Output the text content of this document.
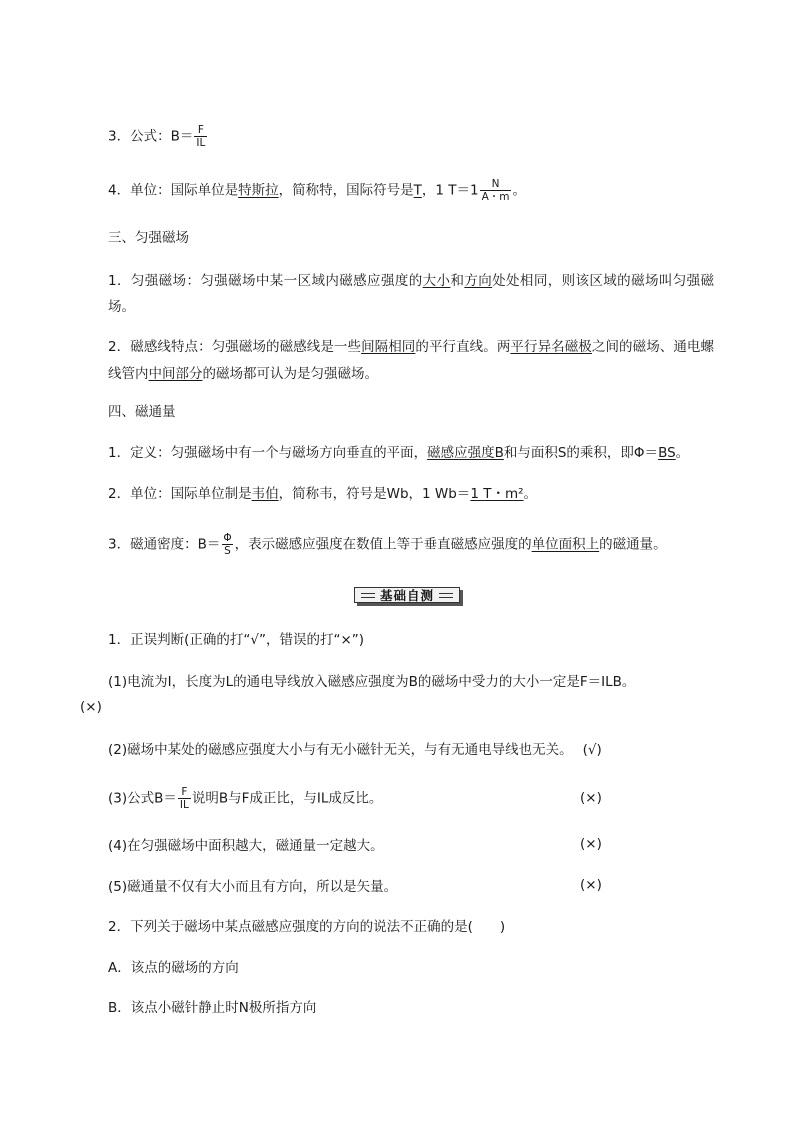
3．公式：$B= \frac{F}{IL}$
4．单位：国际单位是特斯拉，简称特，国际符号是T，1 $T=1 \frac{N}{A・m}$ 。
三、匀强磁场
1．匀强磁场：匀强磁场中某一区域内磁感应强度的大小和方向处处相同，则该区域的磁场叫匀强磁场。
2．磁感线特点：匀强磁场的磁感线是一些间隔相同的平行直线。两平行异名磁极之间的磁场、通电螺线管内中间部分的磁场都可认为是匀强磁场。
四、磁通量
1．定义：匀强磁场中有一个与磁场方向垂直的平面，磁感应强度B和与面积S的乘积，即Φ＝BS。
2．单位：国际单位制是韦伯，简称韦，符号是Wb，1 Wb＝1 T・m²。
3．磁通密度：$B= \frac{\Phi}{S}$ ，表示磁感应强度在数值上等于垂直磁感应强度的单位面积上的磁通量。
基础自测
1．正误判断(正确的打“√”，错误的打“×”)
(1)电流为I，长度为L的通电导线放入磁感应强度为B的磁场中受力的大小一定是F＝ILB。
(×)
(2)磁场中某处的磁感应强度大小与有无小磁针无关，与有无通电导线也无关。 (√)
(3)公式$B= \frac{F}{IL}$ 说明B与F成正比，与IL成反比。	(×)
(4)在匀强磁场中面积越大，磁通量一定越大。	(×)
(5)磁通量不仅有大小而且有方向，所以是矢量。	(×)
2．下列关于磁场中某点磁感应强度的方向的说法不正确的是(　　)
A．该点的磁场的方向
B．该点小磁针静止时N极所指方向
